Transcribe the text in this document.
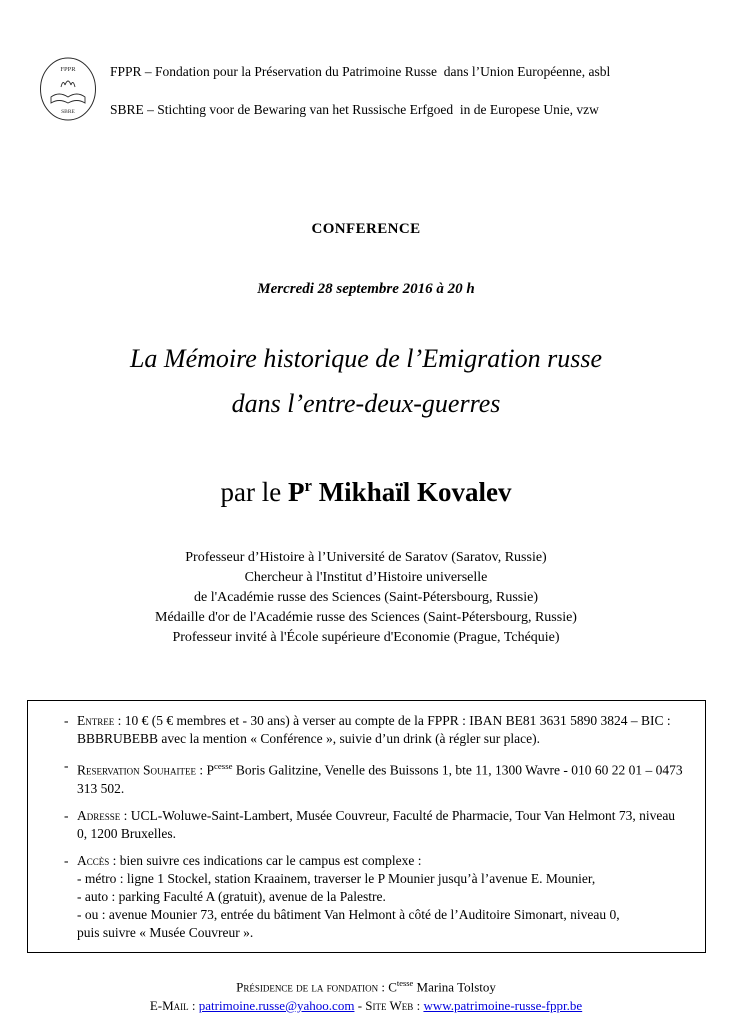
FPPR
SBRE

FPPR – Fondation pour la Préservation du Patrimoine Russe  dans l’Union Européenne, asbl

SBRE – Stichting voor de Bewaring van het Russische Erfgoed  in de Europese Unie, vzw

CONFERENCE
Mercredi 28 septembre 2016 à 20 h
La Mémoire historique de l’Emigration russe
dans l’entre-deux-guerres
par le $P^r$ Mikhaïl Kovalev
Professeur d’Histoire à l’Université de Saratov (Saratov, Russie)
Chercheur à l'Institut d’Histoire universelle
de l'Académie russe des Sciences (Saint-Pétersbourg, Russie)
Médaille d'or de l'Académie russe des Sciences (Saint-Pétersbourg, Russie)
Professeur invité à l'École supérieure d'Economie (Prague, Tchéquie)
- Entree : 10 € (5 € membres et - 30 ans) à verser au compte de la FPPR : IBAN BE81 3631 5890 3824 – BIC : BBBRUBEBB avec la mention « Conférence », suivie d’un drink (à régler sur place).
- Reservation Souhaitee : $P^{cesse}$ Boris Galitzine, Venelle des Buissons 1, bte 11, 1300 Wavre - 010 60 22 01 – 0473 313 502.
- Adresse : UCL-Woluwe-Saint-Lambert, Musée Couvreur, Faculté de Pharmacie, Tour Van Helmont 73, niveau 0, 1200 Bruxelles.
- Accès : bien suivre ces indications car le campus est complexe :
- métro : ligne 1 Stockel, station Kraainem, traverser le P Mounier jusqu’à l’avenue E. Mounier,
- auto : parking Faculté A (gratuit), avenue de la Palestre.
- ou : avenue Mounier 73, entrée du bâtiment Van Helmont à côté de l’Auditoire Simonart, niveau 0,
puis suivre « Musée Couvreur ».
Présidence de la fondation : $C^{tesse}$ Marina Tolstoy
E-Mail : patrimoine.russe@yahoo.com - Site Web : www.patrimoine-russe-fppr.be
